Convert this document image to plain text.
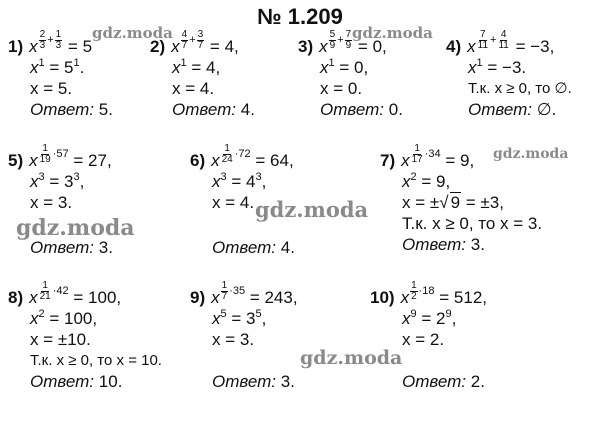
№ 1.209
gdz.moda	gdz.moda
gdz.moda
gdz.moda
gdz.moda
gdz.moda
1) x $^{\frac{2}{3} + \frac{1}{3}}$ = 5
$x^1 = 5^1$.
x = 5.
Ответ: 5.
2) x $^{\frac{4}{7} + \frac{3}{7}}$ = 4,
$x^1 = 4$,
x = 4.
Ответ: 4.
3) x $^{\frac{5}{9} + \frac{7}{9}}$ = 0,
$x^1 = 0$,
x = 0.
Ответ: 0.
4) x $^{\frac{7}{11} + \frac{4}{11}}$ = −3,
$x^1 = -3$.
Т.к. x ≥ 0, то ∅.
Ответ: ∅.
5) x $^{\frac{1}{19} \cdot 57}$ = 27,
$x^3 = 3^3$,
x = 3.
Ответ: 3.
6) x $^{\frac{1}{24} \cdot 72}$ = 64,
$x^3 = 4^3$,
x = 4.
Ответ: 4.
7) x $^{\frac{1}{17} \cdot 34}$ = 9,
$x^2 = 9$,
x = ±√ 9 = ±3,
Т.к. x ≥ 0, то x = 3.
Ответ: 3.
8) x $^{\frac{1}{21} \cdot 42}$ = 100,
$x^2 = 100$,
x = ±10.
Т.к. x ≥ 0, то x = 10.
Ответ: 10.
9) x $^{\frac{1}{7} \cdot 35}$ = 243,
$x^5 = 3^5$,
x = 3.
Ответ: 3.
10) x $^{\frac{1}{2} \cdot 18}$ = 512,
$x^9 = 2^9$,
x = 2.
Ответ: 2.
